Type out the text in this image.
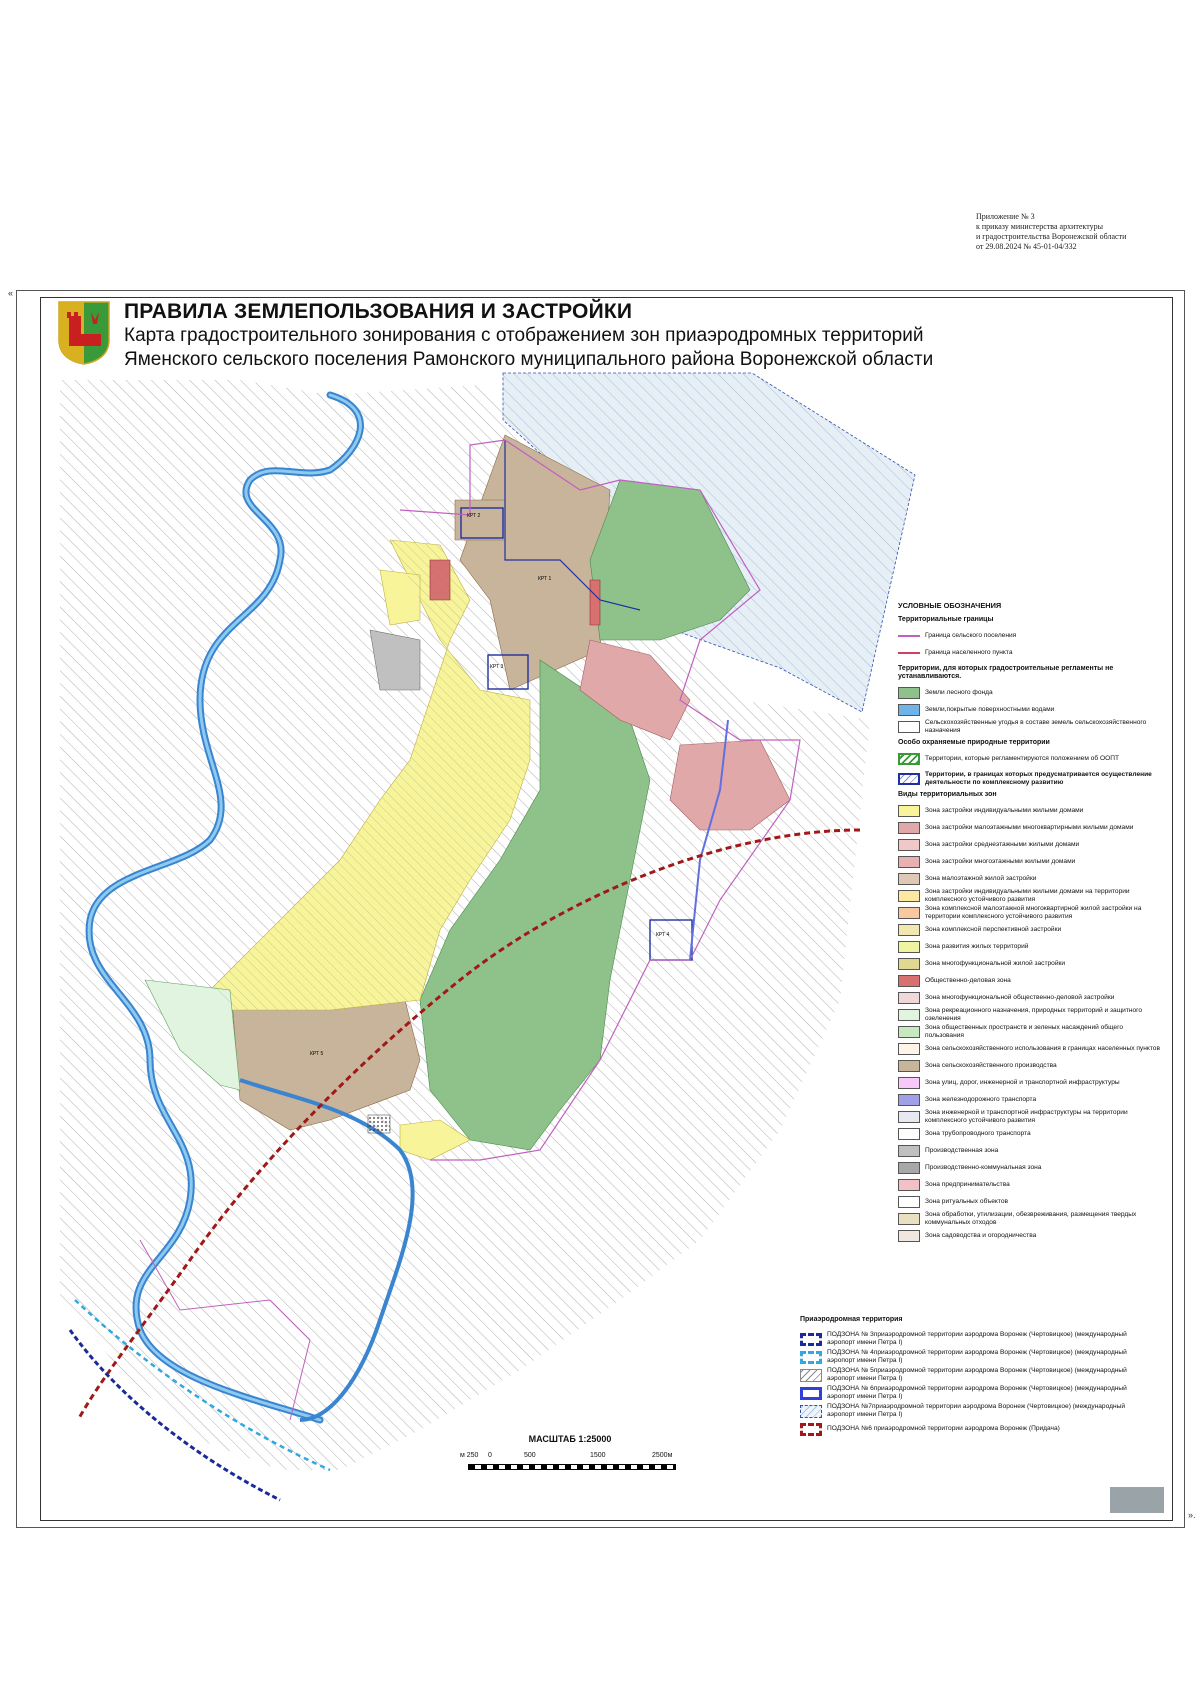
Приложение № 3
к приказу министерства архитектуры
и градостроительства Воронежской области
от 29.08.2024 № 45-01-04/332
«
».
КРТ 1
КРТ 2
КРТ 3
КРТ 4
КРТ 5
ПРАВИЛА ЗЕМЛЕПОЛЬЗОВАНИЯ И ЗАСТРОЙКИ
Карта градостроительного зонирования с отображением зон приаэродромных территорий
Яменского сельского поселения Рамонского муниципального района Воронежской области
УСЛОВНЫЕ ОБОЗНАЧЕНИЯ
Территориальные границы
Граница сельского поселения
Граница населенного пункта
Территории, для которых градостроительные регламенты не устанавливаются.
Земли лесного фонда
Земли,покрытые поверхностными водами
Сельскохозяйственные угодья в составе земель сельскохозяйственного назначения
Особо охраняемые природные территории
Территории, которые регламентируются положением об ООПТ
Территории, в границах которых предусматривается осуществление деятельности по комплексному развитию
Виды территориальных зон
Зона застройки индивидуальными жилыми домами
Зона застройки малоэтажными многоквартирными жилыми домами
Зона застройки среднеэтажными жилыми домами
Зона застройки многоэтажными жилыми домами
Зона малоэтажной жилой застройки
Зона застройки индивидуальными жилыми домами на территории комплексного устойчивого развития
Зона комплексной малоэтажной многоквартирной жилой застройки на территории комплексного устойчивого развития
Зона комплексной перспективной застройки
Зона развития жилых территорий
Зона многофункциональной жилой застройки
Общественно-деловая зона
Зона многофункциональной общественно-деловой застройки
Зона рекреационного назначения, природных территорий и защитного озеленения
Зона общественных пространств и зеленых насаждений общего пользования
Зона сельскохозяйственного использования в границах населенных пунктов
Зона сельскохозяйственного производства
Зона улиц, дорог, инженерной и транспортной инфраструктуры
Зона железнодорожного транспорта
Зона инженерной и транспортной инфраструктуры на территории комплексного устойчивого развития
Зона трубопроводного транспорта
Производственная зона
Производственно-коммунальная зона
Зона предпринимательства
Зона ритуальных объектов
Зона обработки, утилизации, обезвреживания, размещения твердых коммунальных отходов
Зона садоводства и огородничества
Приаэродромная территория
ПОДЗОНА № 3приаэродромной территории аэродрома Воронеж (Чертовицкое) (международный аэропорт имени Петра I)
ПОДЗОНА № 4приаэродромной территории аэродрома Воронеж (Чертовицкое) (международный аэропорт имени Петра I)
ПОДЗОНА № 5приаэродромной территории аэродрома Воронеж (Чертовицкое) (международный аэропорт имени Петра I)
ПОДЗОНА № 6приаэродромной территории аэродрома Воронеж (Чертовицкое) (международный аэропорт имени Петра I)
ПОДЗОНА №7приаэродромной территории аэродрома Воронеж (Чертовицкое) (международный аэропорт имени Петра I)
ПОДЗОНА №6 приаэродромной территории аэродрома Воронеж (Придача)
МАСШТАБ 1:25000
м 250 0	500	1500	2500м
